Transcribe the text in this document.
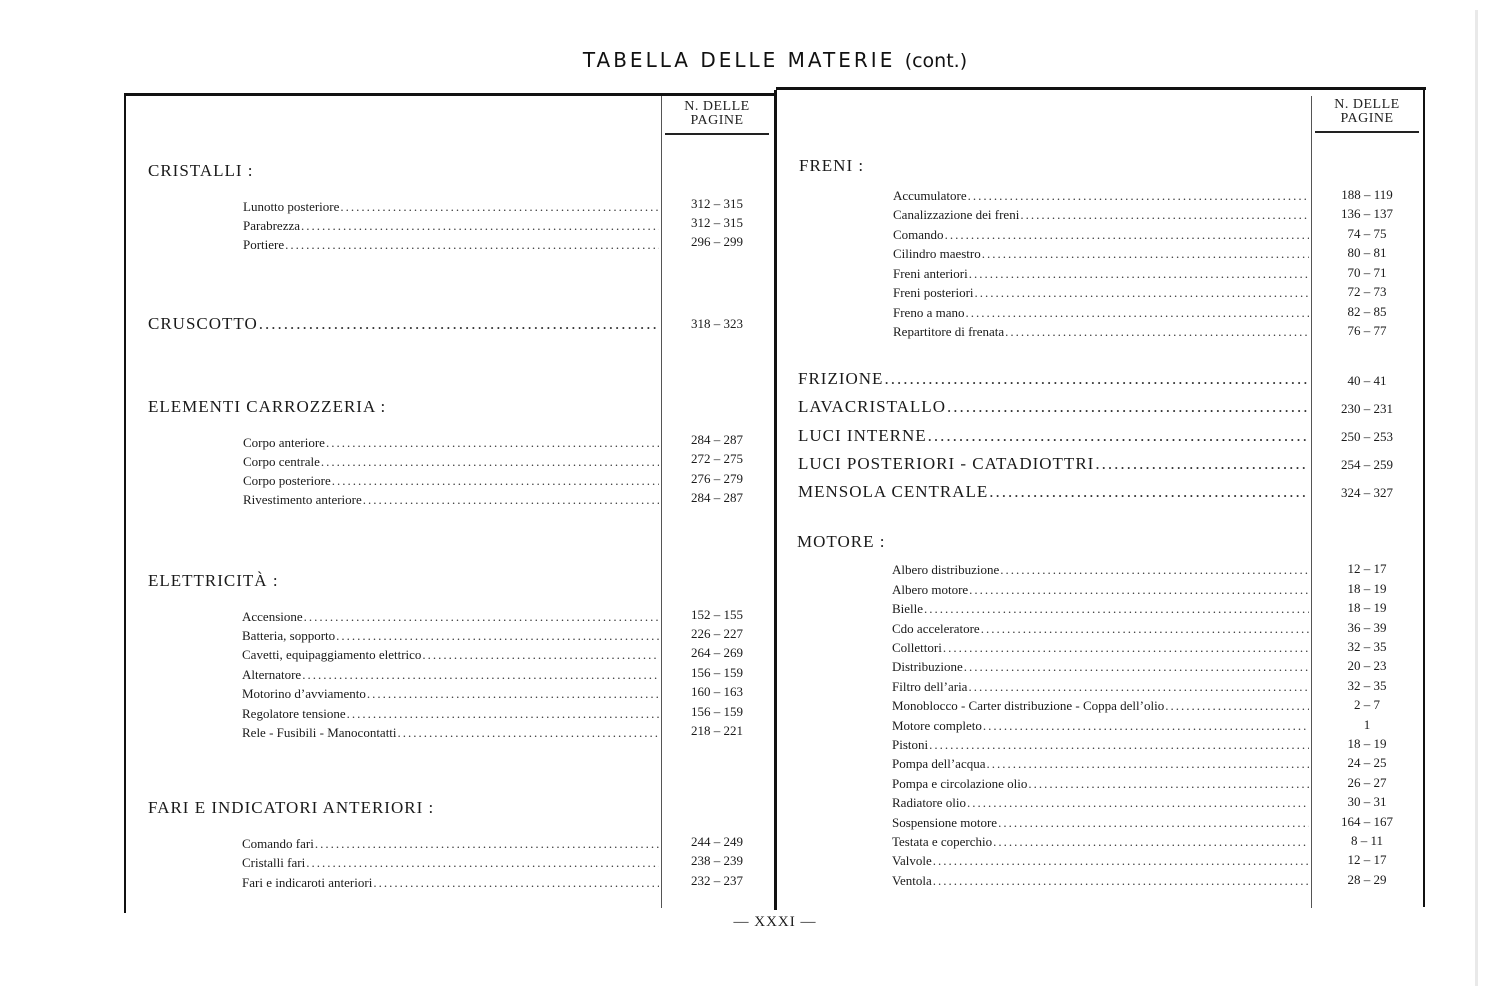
TABELLA DELLE MATERIE (cont.)
N. DELLE PAGINE
N. DELLE PAGINE
CRISTALLI :
Lunotto posteriore .....	312 – 315
Parabrezza .....	312 – 315
Portiere .....	296 – 299
CRUSCOTTO .....	318 – 323
ELEMENTI CARROZZERIA :
Corpo anteriore .....	284 – 287
Corpo centrale .....	272 – 275
Corpo posteriore .....	276 – 279
Rivestimento anteriore .....	284 – 287
ELETTRICITÀ :
Accensione .....	152 – 155
Batteria, sopporto .....	226 – 227
Cavetti, equipaggiamento elettrico .....	264 – 269
Alternatore .....	156 – 159
Motorino d’avviamento .....	160 – 163
Regolatore tensione .....	156 – 159
Rele - Fusibili - Manocontatti .....	218 – 221
FARI E INDICATORI ANTERIORI :
Comando fari .....	244 – 249
Cristalli fari .....	238 – 239
Fari e indicaroti anteriori .....	232 – 237
FRENI :
Accumulatore .....	188 – 119
Canalizzazione dei freni .....	136 – 137
Comando .....	74 – 75
Cilindro maestro .....	80 – 81
Freni anteriori .....	70 – 71
Freni posteriori .....	72 – 73
Freno a mano .....	82 – 85
Repartitore di frenata .....	76 – 77
FRIZIONE .....	40 – 41
LAVACRISTALLO .....	230 – 231
LUCI INTERNE .....	250 – 253
LUCI POSTERIORI - CATADIOTTRI .....	254 – 259
MENSOLA CENTRALE .....	324 – 327
MOTORE :
Albero distribuzione .....	12 – 17
Albero motore .....	18 – 19
Bielle .....	18 – 19
Cdo acceleratore .....	36 – 39
Collettori .....	32 – 35
Distribuzione .....	20 – 23
Filtro dell’aria .....	32 – 35
Monoblocco - Carter distribuzione - Coppa dell’olio .....	2 – 7
Motore completo .....	1
Pistoni .....	18 – 19
Pompa dell’acqua .....	24 – 25
Pompa e circolazione olio .....	26 – 27
Radiatore olio .....	30 – 31
Sospensione motore .....	164 – 167
Testata e coperchio .....	8 – 11
Valvole .....	12 – 17
Ventola .....	28 – 29
— XXXI —
